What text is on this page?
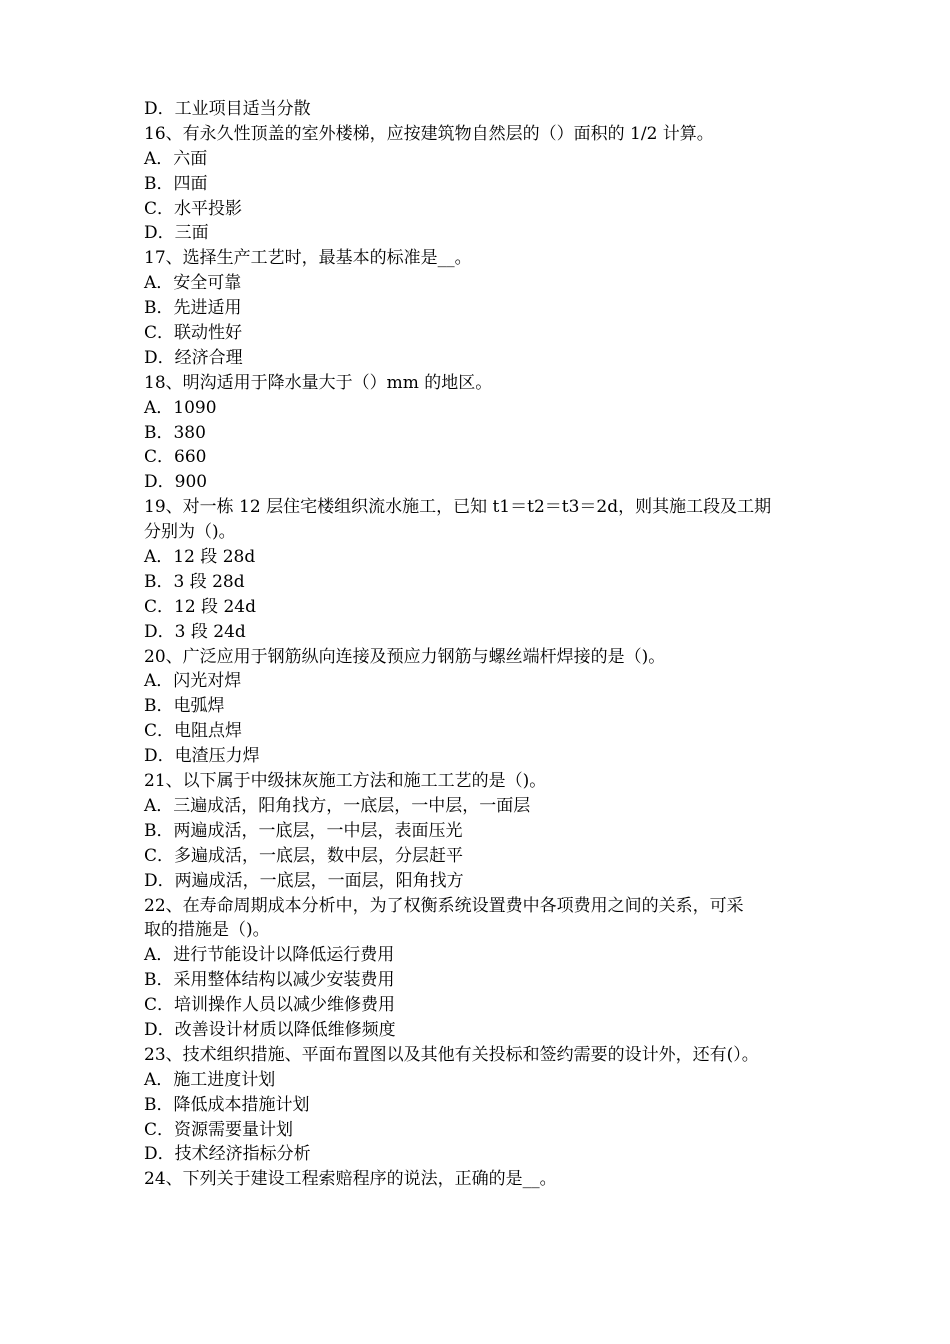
D．工业项目适当分散
16、有永久性顶盖的室外楼梯，应按建筑物自然层的（）面积的 1/2 计算。
A．六面
B．四面
C．水平投影
D．三面
17、选择生产工艺时，最基本的标准是__。
A．安全可靠
B．先进适用
C．联动性好
D．经济合理
18、明沟适用于降水量大于（）mm 的地区。
A．1090
B．380
C．660
D．900
19、对一栋 12 层住宅楼组织流水施工，已知 t1＝t2＝t3＝2d，则其施工段及工期
分别为（)。
A．12 段 28d
B．3 段 28d
C．12 段 24d
D．3 段 24d
20、广泛应用于钢筋纵向连接及预应力钢筋与螺丝端杆焊接的是（)。
A．闪光对焊
B．电弧焊
C．电阻点焊
D．电渣压力焊
21、以下属于中级抹灰施工方法和施工工艺的是（)。
A．三遍成活，阳角找方，一底层，一中层，一面层
B．两遍成活，一底层，一中层，表面压光
C．多遍成活，一底层，数中层，分层赶平
D．两遍成活，一底层，一面层，阳角找方
22、在寿命周期成本分析中，为了权衡系统设置费中各项费用之间的关系，可采
取的措施是（)。
A．进行节能设计以降低运行费用
B．采用整体结构以减少安装费用
C．培训操作人员以减少维修费用
D．改善设计材质以降低维修频度
23、技术组织措施、平面布置图以及其他有关投标和签约需要的设计外，还有(）。
A．施工进度计划
B．降低成本措施计划
C．资源需要量计划
D．技术经济指标分析
24、下列关于建设工程索赔程序的说法，正确的是__。
